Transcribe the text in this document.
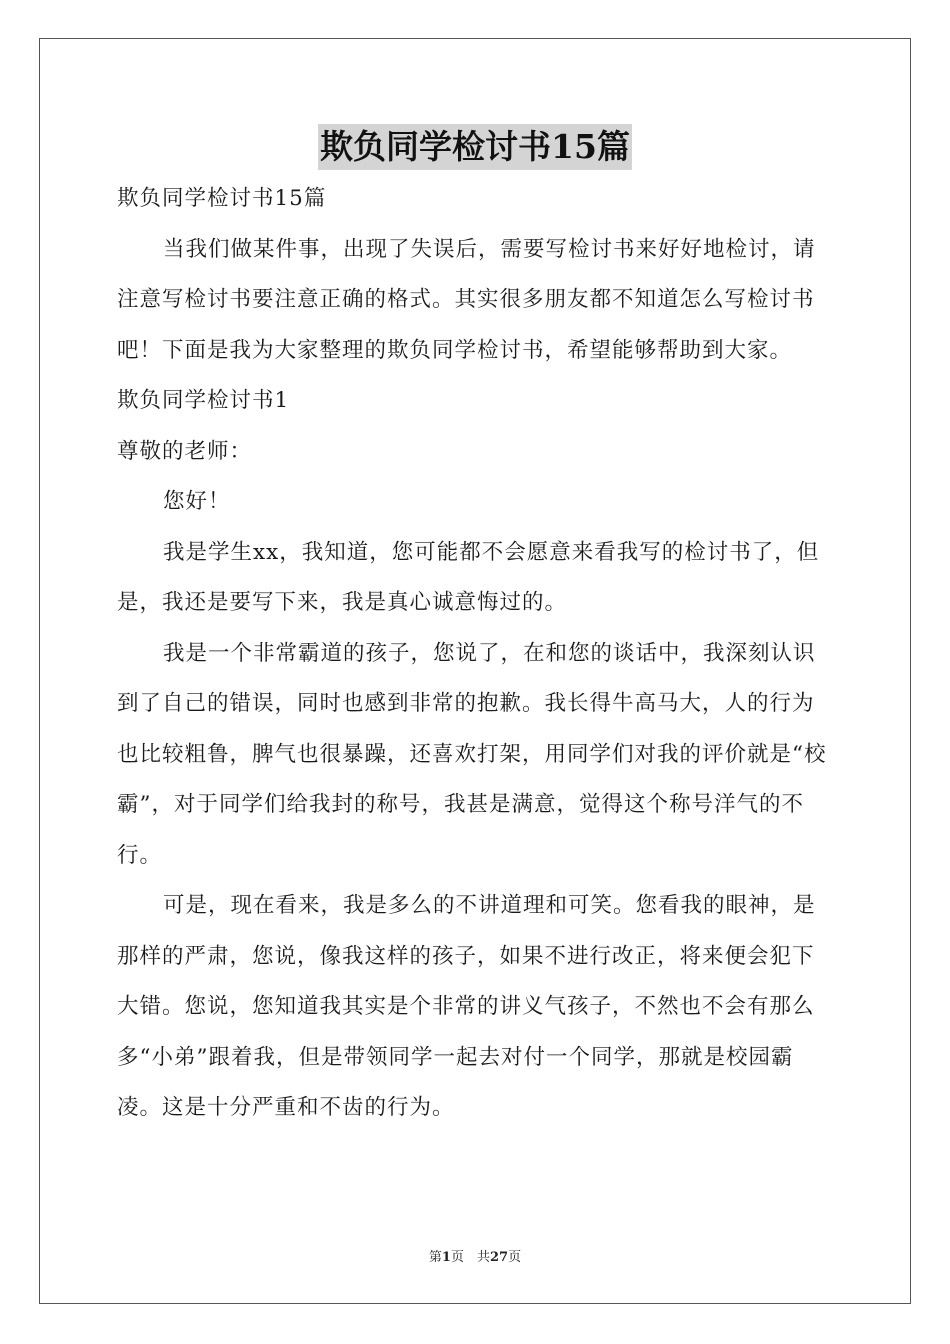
欺负同学检讨书15篇

欺负同学检讨书15篇

当我们做某件事，出现了失误后，需要写检讨书来好好地检讨，请注意写检讨书要注意正确的格式。其实很多朋友都不知道怎么写检讨书吧！下面是我为大家整理的欺负同学检讨书，希望能够帮助到大家。

欺负同学检讨书1

尊敬的老师：

您好！

我是学生xx，我知道，您可能都不会愿意来看我写的检讨书了，但是，我还是要写下来，我是真心诚意悔过的。

我是一个非常霸道的孩子，您说了，在和您的谈话中，我深刻认识到了自己的错误，同时也感到非常的抱歉。我长得牛高马大，人的行为也比较粗鲁，脾气也很暴躁，还喜欢打架，用同学们对我的评价就是“校霸”，对于同学们给我封的称号，我甚是满意，觉得这个称号洋气的不行。

可是，现在看来，我是多么的不讲道理和可笑。您看我的眼神，是那样的严肃，您说，像我这样的孩子，如果不进行改正，将来便会犯下大错。您说，您知道我其实是个非常的讲义气孩子，不然也不会有那么多“小弟”跟着我，但是带领同学一起去对付一个同学，那就是校园霸凌。这是十分严重和不齿的行为。

第1页　共27页
